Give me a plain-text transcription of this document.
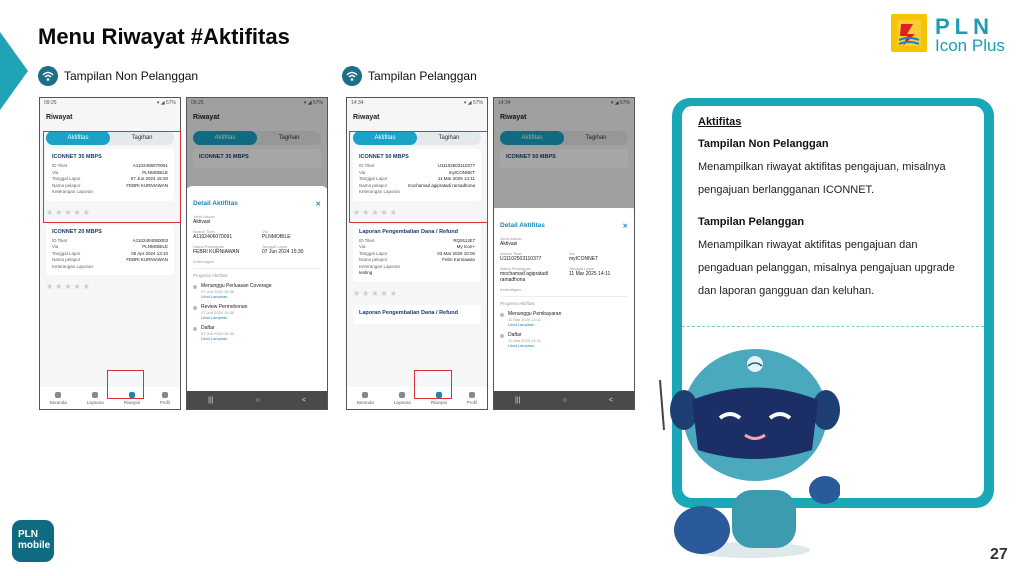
Menu Riwayat #Aktifitas	PLN
Icon Plus
Tampilan Non Pelanggan	Tampilan Pelanggan
09:25	▾ ◢ 57%
Riwayat
Aktifitas	Tagihan
ICONNET 35 MBPS
ID Tiket	A1102406070091
Via	PLNMOBILE
Tanggal Lapor	07 Jun 2024 15:30
Nama pelapor	FEBRI KURNIAWAN
Keterangan Laporan
★★★★★
ICONNET 20 MBPS
ID Tiket	A1102404050003
Via	PLNMOBILE
Tanggal Lapor	05 Apr 2024 13:10
Nama pelapor	FEBRI KURNIAWAN
Keterangan Laporan
★★★★★
Beranda	Layanan	Riwayat	Profil
09:25	▾ ◢ 57%
Riwayat
Aktifitas	Tagihan
ICONNET 35 MBPS
Detail Aktifitas	✕
Jenis Aduan
Aktivasi
Nomor Tiket
A1102406070091
Via
PLNMOBILE
Nama Pelanggan
FEBRI KURNIAWAN
Tanggal Lapor
07 Jun 2024 15:30
Keterangan
Progress Aktifitas
Menunggu Perluasan Coverage
07 Jun 2024 15:35
Lihat Lampiran
Review Permohonan
07 Jun 2024 15:30
Lihat Lampiran
Daftar
07 Jun 2024 15:30
Lihat Lampiran
|||	○	<
14:34	▾ ◢ 57%
Riwayat
Aktifitas	Tagihan
ICONNET 50 MBPS
ID Tiket	U11102503110377
Via	myICONNET
Tanggal Lapor	11 Mar 2025 14:11
Nama pelapor	mochamad agipratadi ramadhona
Keterangan Laporan
★★★★★
Laporan Pengembalian Dana / Refund
ID Tiket	RQ911JE7
Via	My Icon+
Tanggal Lapor	03 Mar 2025 10:00
Nama pelapor	Febri Kurniawan
Keterangan Laporan
testing
★★★★★
Laporan Pengembalian Dana / Refund
Beranda	Layanan	Riwayat	Profil
14:34	▾ ◢ 57%
Riwayat
Aktifitas	Tagihan
ICONNET 50 MBPS
Detail Aktifitas	✕
Jenis Aduan
Aktivasi
Nomor Tiket
U11102503110377
Via
myICONNET
Nama Pelanggan
mochamad agipratadi ramadhona
Tanggal Lapor
11 Mar 2025 14:11
Keterangan
Progress Aktifitas
Menunggu Pembayaran
11 Mar 2025 14:11
Lihat Lampiran
Daftar
11 Mar 2025 14:11
Lihat Lampiran
|||	○	<
Aktifitas
Tampilan Non Pelanggan
Menampilkan riwayat aktifitas pengajuan, misalnya
pengajuan berlangganan ICONNET.
Tampilan Pelanggan
Menampilkan riwayat aktifitas pengajuan dan
pengaduan pelanggan, misalnya pengajuan upgrade
dan laporan gangguan dan keluhan.
PLN
mobile
27
